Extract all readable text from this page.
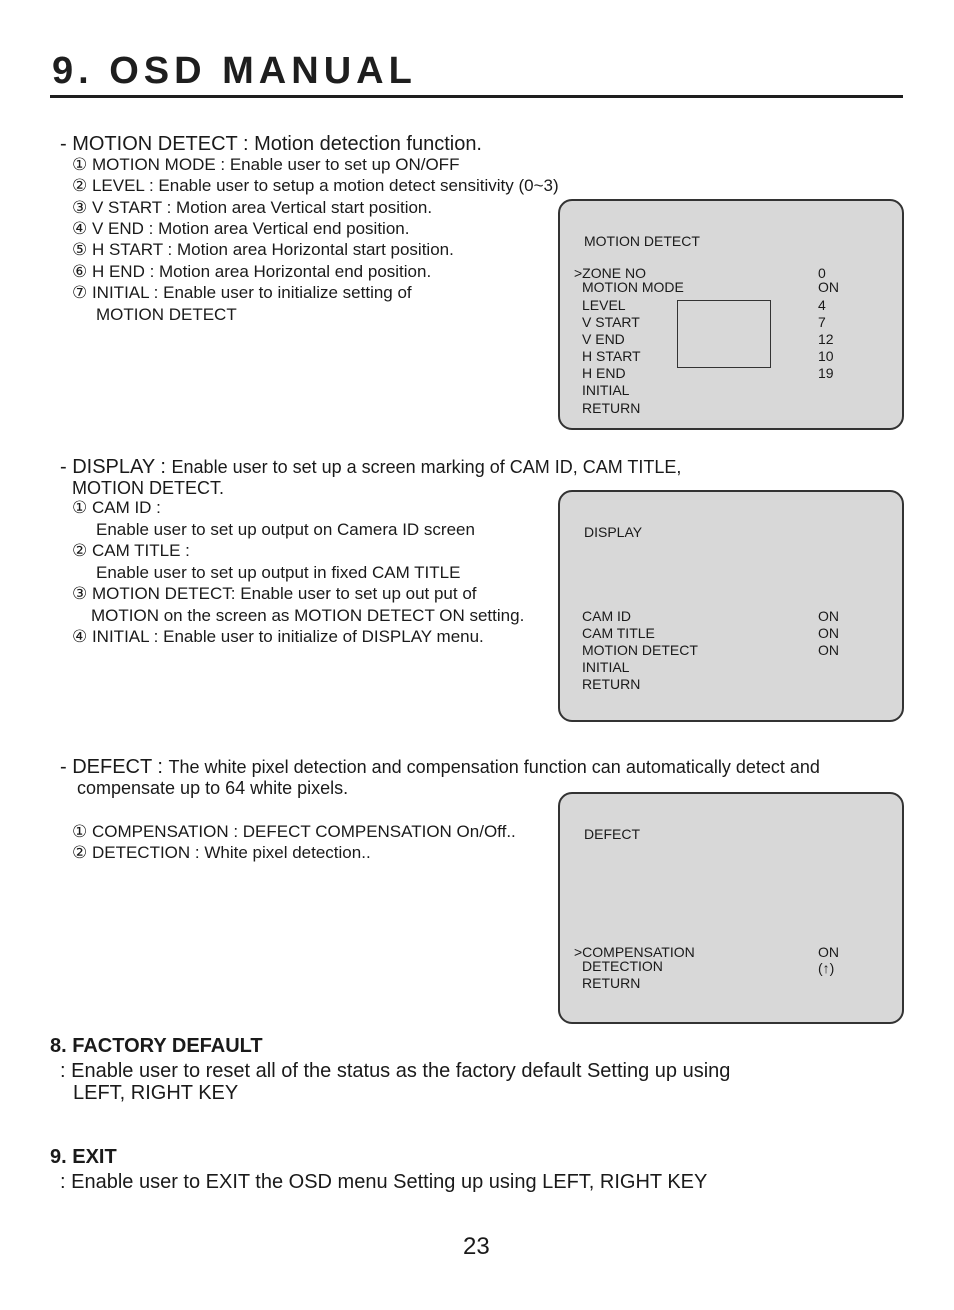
9. OSD MANUAL
- MOTION DETECT : Motion detection function.
① MOTION MODE : Enable user to set up ON/OFF
② LEVEL : Enable user to setup a motion detect sensitivity (0~3)
③ V START : Motion area Vertical start position.
④ V END : Motion area Vertical end position.
⑤ H START : Motion area Horizontal start position.
⑥ H END : Motion area Horizontal end position.
⑦ INITIAL : Enable user to initialize setting of
MOTION DETECT
MOTION DETECT
>ZONE NO	0
MOTION MODE	ON
LEVEL	4
V START	7
V END	12
H START	10
H END	19
INITIAL
RETURN
- DISPLAY : Enable user to set up a screen marking of CAM ID, CAM TITLE,
MOTION DETECT.
① CAM ID :
Enable user to set up output on Camera ID screen
② CAM TITLE :
Enable user to set up output in fixed CAM TITLE
③ MOTION DETECT: Enable user to set up out put of
MOTION on the screen as MOTION DETECT ON setting.
④ INITIAL : Enable user to initialize of DISPLAY menu.
DISPLAY
CAM ID	ON
CAM TITLE	ON
MOTION DETECT	ON
INITIAL
RETURN
- DEFECT : The white pixel detection and compensation function can automatically detect and
compensate up to 64 white pixels.
① COMPENSATION : DEFECT COMPENSATION On/Off..
② DETECTION : White pixel detection..
DEFECT
>COMPENSATION	ON
DETECTION	(↑)
RETURN
8. FACTORY DEFAULT
: Enable user to reset all of the status as the factory default Setting up using
LEFT, RIGHT KEY
9. EXIT
: Enable user to EXIT the OSD menu Setting up using LEFT, RIGHT KEY
23
